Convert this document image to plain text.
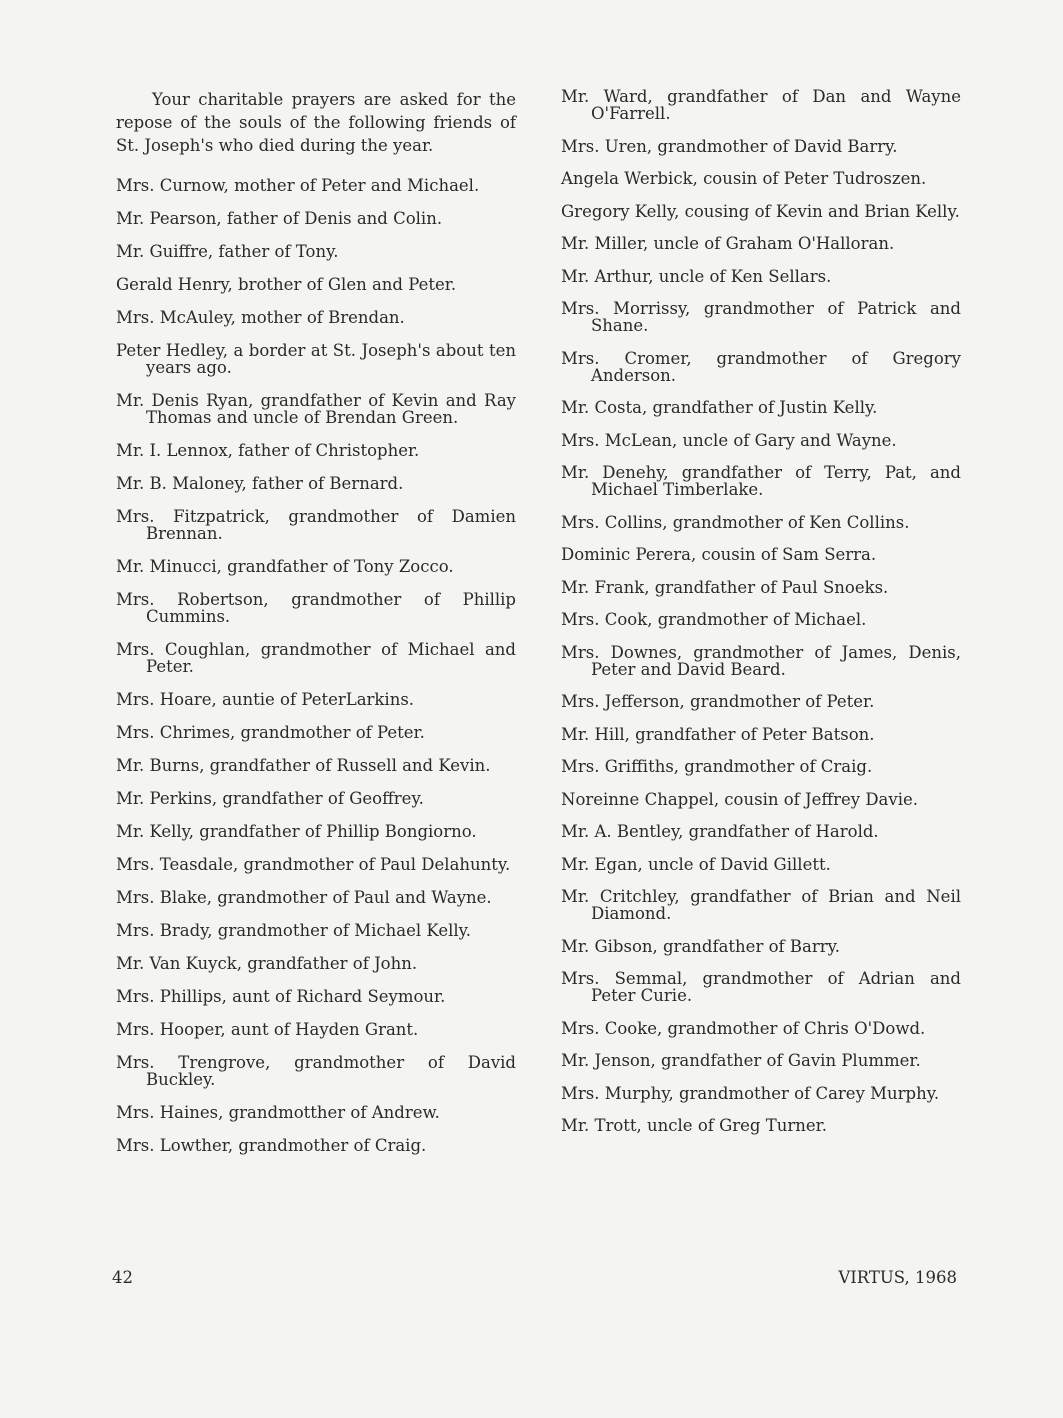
Your charitable prayers are asked for the repose of the souls of the following friends of St. Joseph's who died during the year.

Mrs. Curnow, mother of Peter and Michael.
Mr. Pearson, father of Denis and Colin.
Mr. Guiffre, father of Tony.
Gerald Henry, brother of Glen and Peter.
Mrs. McAuley, mother of Brendan.
Peter Hedley, a border at St. Joseph's about ten years ago.
Mr. Denis Ryan, grandfather of Kevin and Ray Thomas and uncle of Brendan Green.
Mr. I. Lennox, father of Christopher.
Mr. B. Maloney, father of Bernard.
Mrs. Fitzpatrick, grandmother of Damien Brennan.
Mr. Minucci, grandfather of Tony Zocco.
Mrs. Robertson, grandmother of Phillip Cummins.
Mrs. Coughlan, grandmother of Michael and Peter.
Mrs. Hoare, auntie of PeterLarkins.
Mrs. Chrimes, grandmother of Peter.
Mr. Burns, grandfather of Russell and Kevin.
Mr. Perkins, grandfather of Geoffrey.
Mr. Kelly, grandfather of Phillip Bongiorno.
Mrs. Teasdale, grandmother of Paul Delahunty.
Mrs. Blake, grandmother of Paul and Wayne.
Mrs. Brady, grandmother of Michael Kelly.
Mr. Van Kuyck, grandfather of John.
Mrs. Phillips, aunt of Richard Seymour.
Mrs. Hooper, aunt of Hayden Grant.
Mrs. Trengrove, grandmother of David Buckley.
Mrs. Haines, grandmotther of Andrew.
Mrs. Lowther, grandmother of Craig.
Mr. Ward, grandfather of Dan and Wayne O'Farrell.
Mrs. Uren, grandmother of David Barry.
Angela Werbick, cousin of Peter Tudroszen.
Gregory Kelly, cousing of Kevin and Brian Kelly.
Mr. Miller, uncle of Graham O'Halloran.
Mr. Arthur, uncle of Ken Sellars.
Mrs. Morrissy, grandmother of Patrick and Shane.
Mrs. Cromer, grandmother of Gregory Anderson.
Mr. Costa, grandfather of Justin Kelly.
Mrs. McLean, uncle of Gary and Wayne.
Mr. Denehy, grandfather of Terry, Pat, and Michael Timberlake.
Mrs. Collins, grandmother of Ken Collins.
Dominic Perera, cousin of Sam Serra.
Mr. Frank, grandfather of Paul Snoeks.
Mrs. Cook, grandmother of Michael.
Mrs. Downes, grandmother of James, Denis, Peter and David Beard.
Mrs. Jefferson, grandmother of Peter.
Mr. Hill, grandfather of Peter Batson.
Mrs. Griffiths, grandmother of Craig.
Noreinne Chappel, cousin of Jeffrey Davie.
Mr. A. Bentley, grandfather of Harold.
Mr. Egan, uncle of David Gillett.
Mr. Critchley, grandfather of Brian and Neil Diamond.
Mr. Gibson, grandfather of Barry.
Mrs. Semmal, grandmother of Adrian and Peter Curie.
Mrs. Cooke, grandmother of Chris O'Dowd.
Mr. Jenson, grandfather of Gavin Plummer.
Mrs. Murphy, grandmother of Carey Murphy.
Mr. Trott, uncle of Greg Turner.
42	VIRTUS, 1968
